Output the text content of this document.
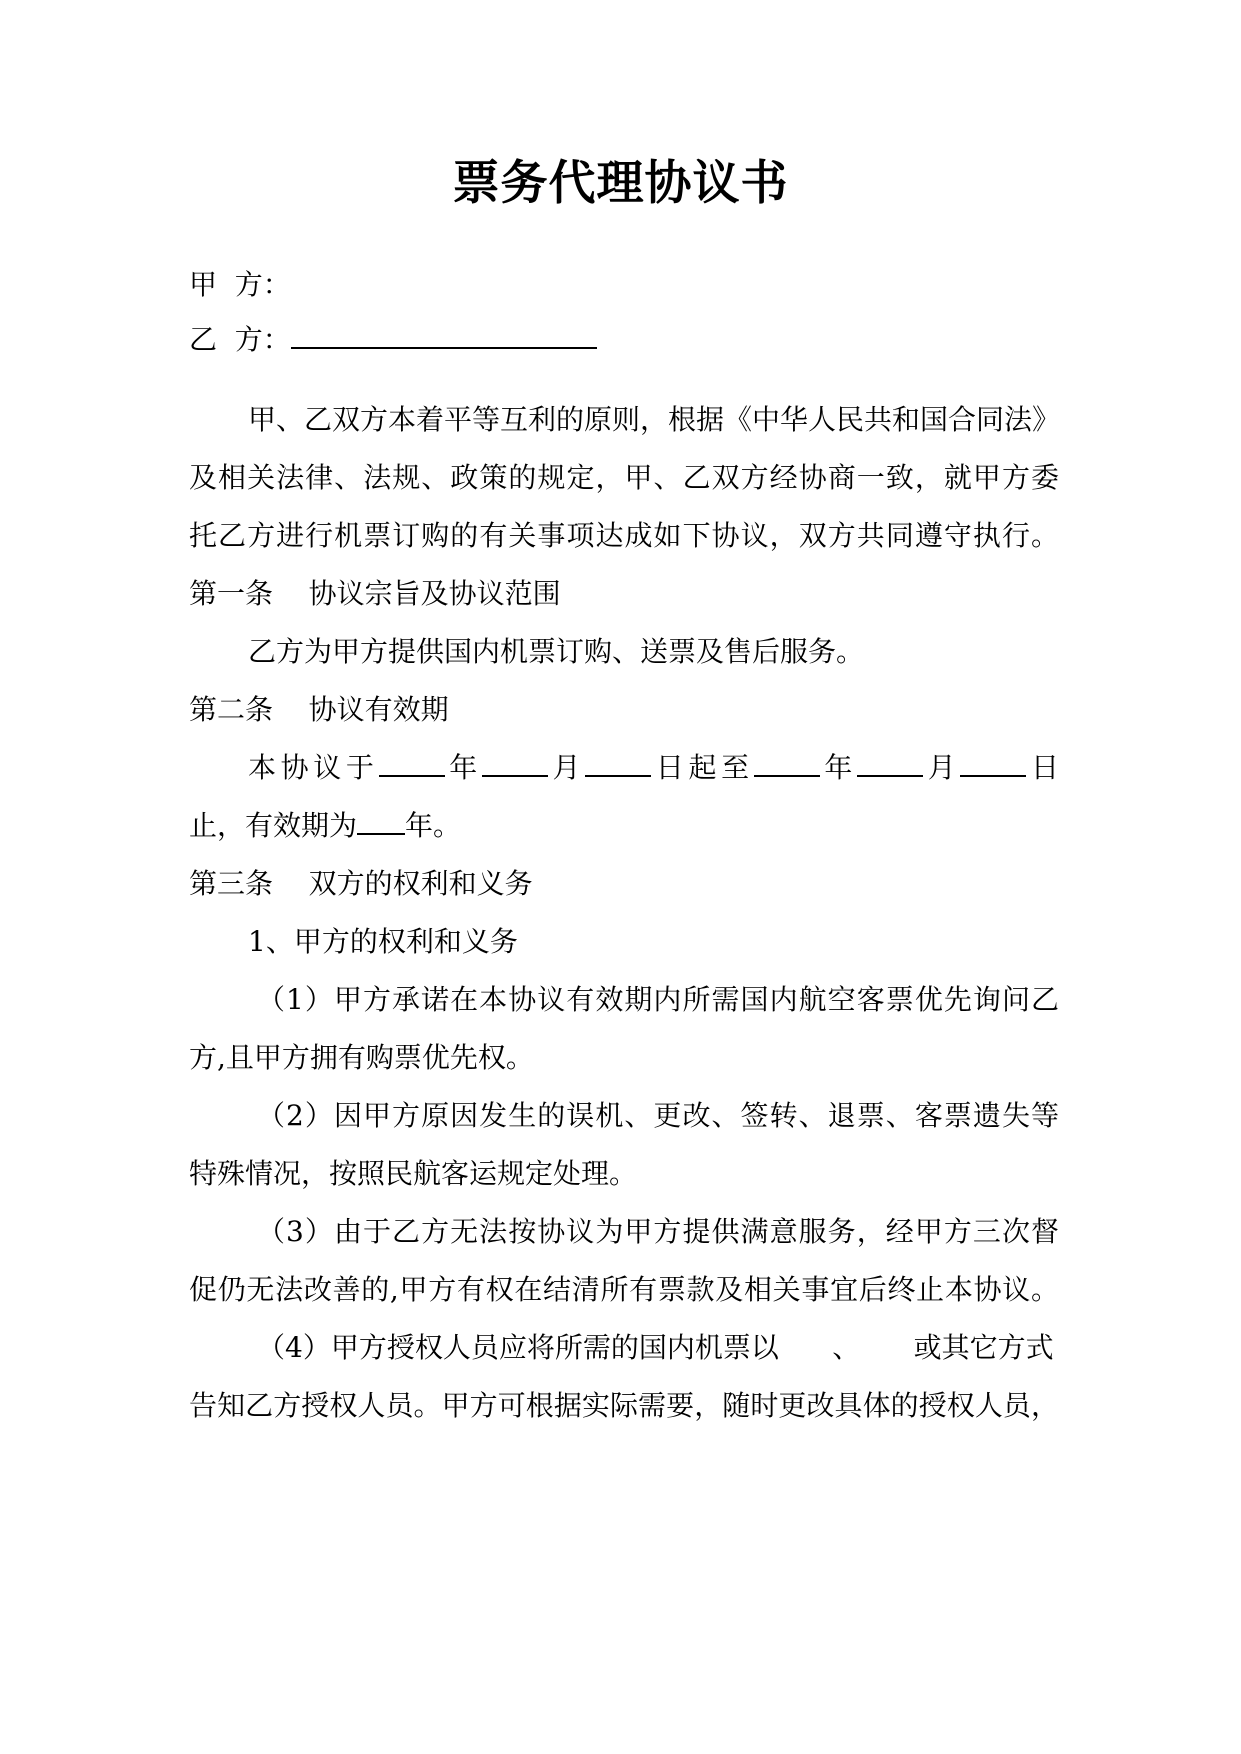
票务代理协议书
甲  方：
乙  方：
甲、乙双方本着平等互利的原则，根据《中华人民共和国合同法》
及相关法律、法规、政策的规定，甲、乙双方经协商一致，就甲方委
托乙方进行机票订购的有关事项达成如下协议，双方共同遵守执行。
第一条    协议宗旨及协议范围
乙方为甲方提供国内机票订购、送票及售后服务。
第二条    协议有效期
本协议于 年 月 日起至 年 月 日
止，有效期为 年。
第三条    双方的权利和义务
1、甲方的权利和义务
（1）甲方承诺在本协议有效期内所需国内航空客票优先询问乙
方,且甲方拥有购票优先权。
（2）因甲方原因发生的误机、更改、签转、退票、客票遗失等
特殊情况，按照民航客运规定处理。
（3）由于乙方无法按协议为甲方提供满意服务，经甲方三次督
促仍无法改善的,甲方有权在结清所有票款及相关事宜后终止本协议。
（4）甲方授权人员应将所需的国内机票以      、      或其它方式
告知乙方授权人员。甲方可根据实际需要，随时更改具体的授权人员，
